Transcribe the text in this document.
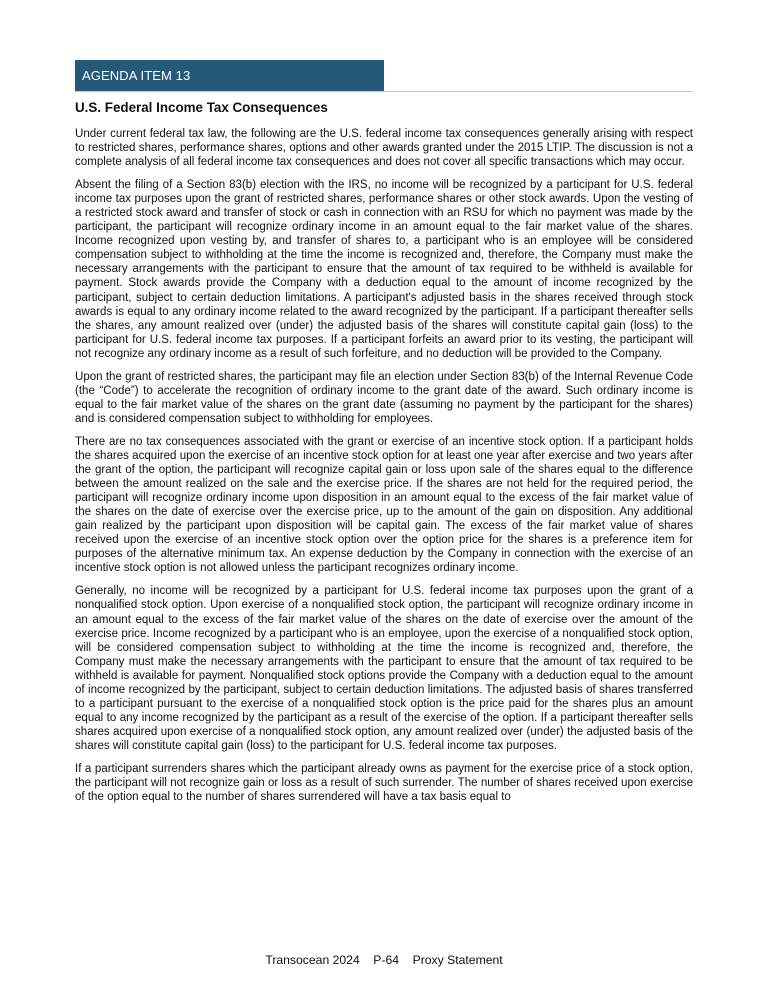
AGENDA ITEM 13
U.S. Federal Income Tax Consequences

Under current federal tax law, the following are the U.S. federal income tax consequences generally arising with respect to restricted shares, performance shares, options and other awards granted under the 2015 LTIP. The discussion is not a complete analysis of all federal income tax consequences and does not cover all specific transactions which may occur.

Absent the filing of a Section 83(b) election with the IRS, no income will be recognized by a participant for U.S. federal income tax purposes upon the grant of restricted shares, performance shares or other stock awards. Upon the vesting of a restricted stock award and transfer of stock or cash in connection with an RSU for which no payment was made by the participant, the participant will recognize ordinary income in an amount equal to the fair market value of the shares. Income recognized upon vesting by, and transfer of shares to, a participant who is an employee will be considered compensation subject to withholding at the time the income is recognized and, therefore, the Company must make the necessary arrangements with the participant to ensure that the amount of tax required to be withheld is available for payment. Stock awards provide the Company with a deduction equal to the amount of income recognized by the participant, subject to certain deduction limitations. A participant's adjusted basis in the shares received through stock awards is equal to any ordinary income related to the award recognized by the participant. If a participant thereafter sells the shares, any amount realized over (under) the adjusted basis of the shares will constitute capital gain (loss) to the participant for U.S. federal income tax purposes. If a participant forfeits an award prior to its vesting, the participant will not recognize any ordinary income as a result of such forfeiture, and no deduction will be provided to the Company.

Upon the grant of restricted shares, the participant may file an election under Section 83(b) of the Internal Revenue Code (the “Code”) to accelerate the recognition of ordinary income to the grant date of the award. Such ordinary income is equal to the fair market value of the shares on the grant date (assuming no payment by the participant for the shares) and is considered compensation subject to withholding for employees.

There are no tax consequences associated with the grant or exercise of an incentive stock option. If a participant holds the shares acquired upon the exercise of an incentive stock option for at least one year after exercise and two years after the grant of the option, the participant will recognize capital gain or loss upon sale of the shares equal to the difference between the amount realized on the sale and the exercise price. If the shares are not held for the required period, the participant will recognize ordinary income upon disposition in an amount equal to the excess of the fair market value of the shares on the date of exercise over the exercise price, up to the amount of the gain on disposition. Any additional gain realized by the participant upon disposition will be capital gain. The excess of the fair market value of shares received upon the exercise of an incentive stock option over the option price for the shares is a preference item for purposes of the alternative minimum tax. An expense deduction by the Company in connection with the exercise of an incentive stock option is not allowed unless the participant recognizes ordinary income.

Generally, no income will be recognized by a participant for U.S. federal income tax purposes upon the grant of a nonqualified stock option. Upon exercise of a nonqualified stock option, the participant will recognize ordinary income in an amount equal to the excess of the fair market value of the shares on the date of exercise over the amount of the exercise price. Income recognized by a participant who is an employee, upon the exercise of a nonqualified stock option, will be considered compensation subject to withholding at the time the income is recognized and, therefore, the Company must make the necessary arrangements with the participant to ensure that the amount of tax required to be withheld is available for payment. Nonqualified stock options provide the Company with a deduction equal to the amount of income recognized by the participant, subject to certain deduction limitations. The adjusted basis of shares transferred to a participant pursuant to the exercise of a nonqualified stock option is the price paid for the shares plus an amount equal to any income recognized by the participant as a result of the exercise of the option. If a participant thereafter sells shares acquired upon exercise of a nonqualified stock option, any amount realized over (under) the adjusted basis of the shares will constitute capital gain (loss) to the participant for U.S. federal income tax purposes.

If a participant surrenders shares which the participant already owns as payment for the exercise price of a stock option, the participant will not recognize gain or loss as a result of such surrender. The number of shares received upon exercise of the option equal to the number of shares surrendered will have a tax basis equal to

Transocean 2024 P-64 Proxy Statement
